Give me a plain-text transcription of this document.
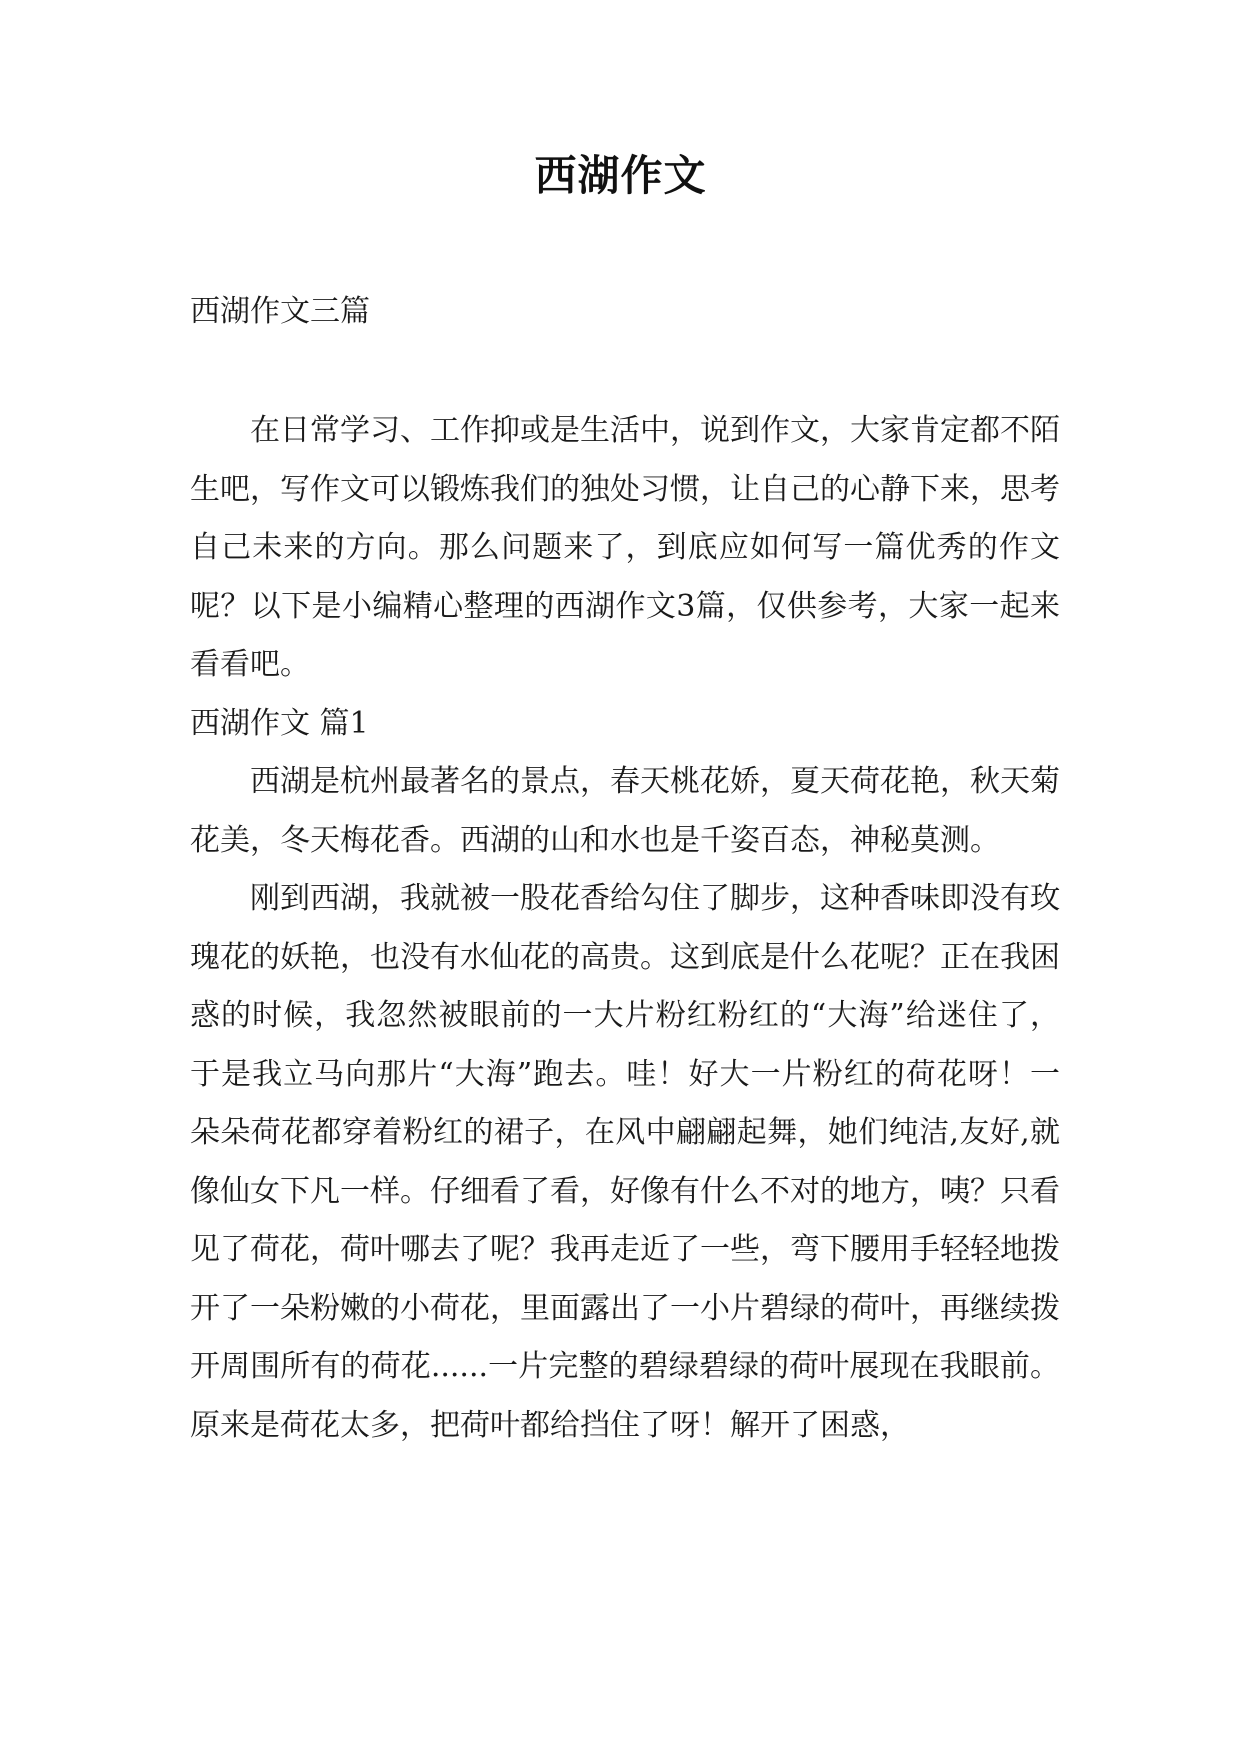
西湖作文
西湖作文三篇

在日常学习、工作抑或是生活中，说到作文，大家肯定都不陌生吧，写作文可以锻炼我们的独处习惯，让自己的心静下来，思考自己未来的方向。那么问题来了，到底应如何写一篇优秀的作文呢？以下是小编精心整理的西湖作文3篇，仅供参考，大家一起来看看吧。

西湖作文 篇1

西湖是杭州最著名的景点，春天桃花娇，夏天荷花艳，秋天菊花美，冬天梅花香。西湖的山和水也是千姿百态，神秘莫测。

刚到西湖，我就被一股花香给勾住了脚步，这种香味即没有玫瑰花的妖艳，也没有水仙花的高贵。这到底是什么花呢？正在我困惑的时候，我忽然被眼前的一大片粉红粉红的“大海”给迷住了，于是我立马向那片“大海”跑去。哇！好大一片粉红的荷花呀！一朵朵荷花都穿着粉红的裙子，在风中翩翩起舞，她们纯洁,友好,就像仙女下凡一样。仔细看了看，好像有什么不对的地方，咦？只看见了荷花，荷叶哪去了呢？我再走近了一些，弯下腰用手轻轻地拨开了一朵粉嫩的小荷花，里面露出了一小片碧绿的荷叶，再继续拨开周围所有的荷花......一片完整的碧绿碧绿的荷叶展现在我眼前。原来是荷花太多，把荷叶都给挡住了呀！解开了困惑，
